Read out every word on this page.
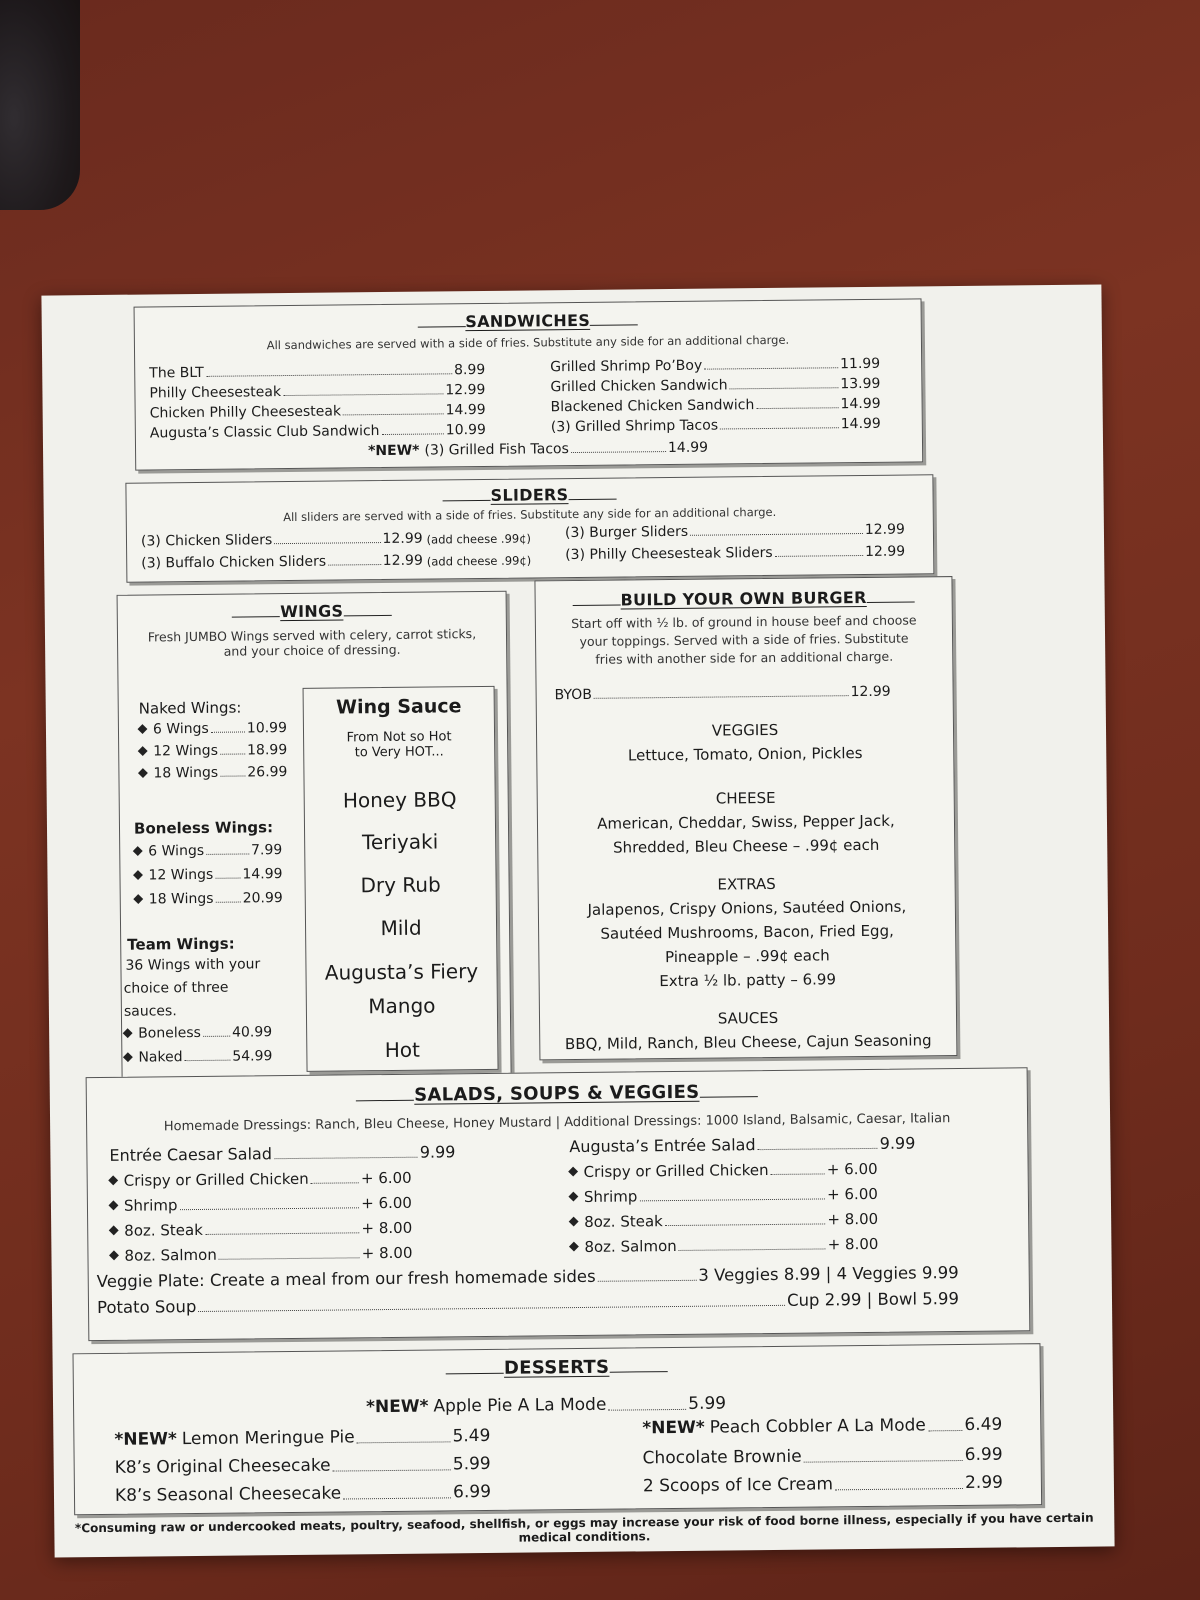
SANDWICHES
All sandwiches are served with a side of fries. Substitute any side for an additional charge.
The BLT	8.99
Philly Cheesesteak	12.99
Chicken Philly Cheesesteak	14.99
Augusta’s Classic Club Sandwich	10.99
Grilled Shrimp Po’Boy	11.99
Grilled Chicken Sandwich	13.99
Blackened Chicken Sandwich	14.99
(3) Grilled Shrimp Tacos	14.99
*NEW* (3) Grilled Fish Tacos	14.99
SLIDERS
All sliders are served with a side of fries. Substitute any side for an additional charge.
(3) Chicken Sliders	12.99 (add cheese .99¢)
(3) Buffalo Chicken Sliders	12.99 (add cheese .99¢)
(3) Burger Sliders	12.99
(3) Philly Cheesesteak Sliders	12.99
WINGS
Fresh JUMBO Wings served with celery, carrot sticks,
and your choice of dressing.
Naked Wings:
6 Wings	10.99
12 Wings 18.99
18 Wings 26.99
Boneless Wings:
6 Wings	7.99
12 Wings 14.99
18 Wings 20.99
Team Wings:
36 Wings with your
choice of three
sauces.
Boneless 40.99
Naked	54.99
Wing Sauce
From Not so Hot
to Very HOT...
Honey BBQ
Teriyaki
Dry Rub
Mild
Augusta’s Fiery
Mango
Hot
BUILD YOUR OWN BURGER
Start off with ½ lb. of ground in house beef and choose
your toppings. Served with a side of fries. Substitute
fries with another side for an additional charge.
BYOB	12.99
VEGGIES
Lettuce, Tomato, Onion, Pickles
CHEESE
American, Cheddar, Swiss, Pepper Jack,
Shredded, Bleu Cheese – .99¢ each
EXTRAS
Jalapenos, Crispy Onions, Sautéed Onions,
Sautéed Mushrooms, Bacon, Fried Egg,
Pineapple – .99¢ each
Extra ½ lb. patty – 6.99
SAUCES
BBQ, Mild, Ranch, Bleu Cheese, Cajun Seasoning
SALADS, SOUPS & VEGGIES
Homemade Dressings: Ranch, Bleu Cheese, Honey Mustard | Additional Dressings: 1000 Island, Balsamic, Caesar, Italian
Entrée Caesar Salad	9.99
Crispy or Grilled Chicken	+ 6.00
Shrimp	+ 6.00
8oz. Steak	+ 8.00
8oz. Salmon	+ 8.00
Augusta’s Entrée Salad	9.99
Crispy or Grilled Chicken	+ 6.00
Shrimp	+ 6.00
8oz. Steak	+ 8.00
8oz. Salmon	+ 8.00
Veggie Plate: Create a meal from our fresh homemade sides	3 Veggies 8.99 | 4 Veggies 9.99
Potato Soup	Cup 2.99 | Bowl 5.99
DESSERTS
*NEW* Apple Pie A La Mode	5.99
*NEW* Lemon Meringue Pie	5.49
K8’s Original Cheesecake	5.99
K8’s Seasonal Cheesecake	6.99
*NEW* Peach Cobbler A La Mode 6.49
Chocolate Brownie	6.99
2 Scoops of Ice Cream	2.99
*Consuming raw or undercooked meats, poultry, seafood, shellfish, or eggs may increase your risk of food borne illness, especially if you have certain medical conditions.
